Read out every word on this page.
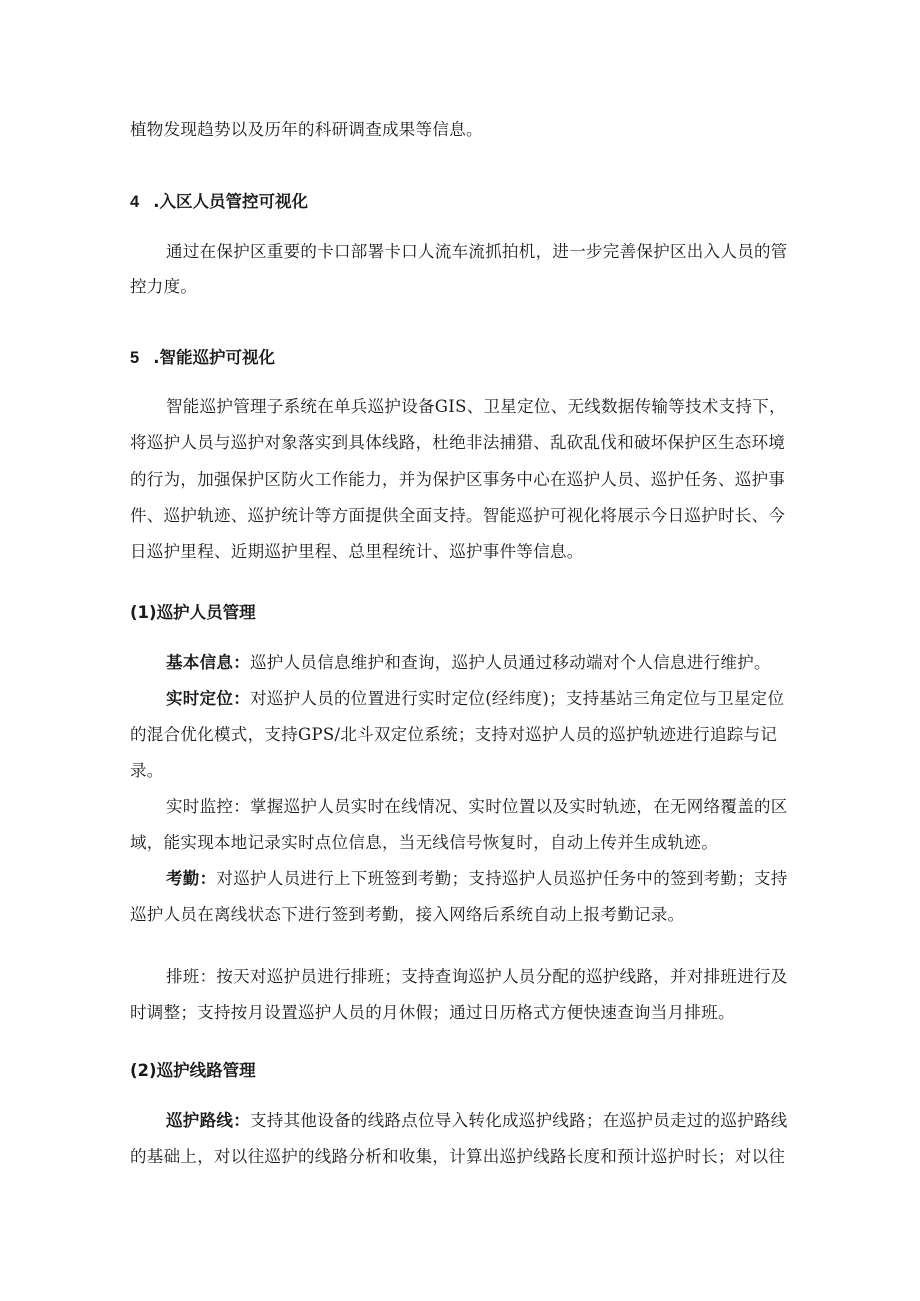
植物发现趋势以及历年的科研调查成果等信息。
4 .入区人员管控可视化
通过在保护区重要的卡口部署卡口人流车流抓拍机，进一步完善保护区出入人员的管
控力度。
5 .智能巡护可视化
智能巡护管理子系统在单兵巡护设备GIS、卫星定位、无线数据传输等技术支持下，
将巡护人员与巡护对象落实到具体线路，杜绝非法捕猎、乱砍乱伐和破坏保护区生态环境
的行为，加强保护区防火工作能力，并为保护区事务中心在巡护人员、巡护任务、巡护事
件、巡护轨迹、巡护统计等方面提供全面支持。智能巡护可视化将展示今日巡护时长、今
日巡护里程、近期巡护里程、总里程统计、巡护事件等信息。
(1)巡护人员管理
基本信息：巡护人员信息维护和查询，巡护人员通过移动端对个人信息进行维护。
实时定位：对巡护人员的位置进行实时定位(经纬度)；支持基站三角定位与卫星定位
的混合优化模式，支持GPS/北斗双定位系统；支持对巡护人员的巡护轨迹进行追踪与记
录。
实时监控：掌握巡护人员实时在线情况、实时位置以及实时轨迹，在无网络覆盖的区
域，能实现本地记录实时点位信息，当无线信号恢复时，自动上传并生成轨迹。
考勤：对巡护人员进行上下班签到考勤；支持巡护人员巡护任务中的签到考勤；支持
巡护人员在离线状态下进行签到考勤，接入网络后系统自动上报考勤记录。
排班：按天对巡护员进行排班；支持查询巡护人员分配的巡护线路，并对排班进行及
时调整；支持按月设置巡护人员的月休假；通过日历格式方便快速查询当月排班。
(2)巡护线路管理
巡护路线：支持其他设备的线路点位导入转化成巡护线路；在巡护员走过的巡护路线
的基础上，对以往巡护的线路分析和收集，计算出巡护线路长度和预计巡护时长；对以往
